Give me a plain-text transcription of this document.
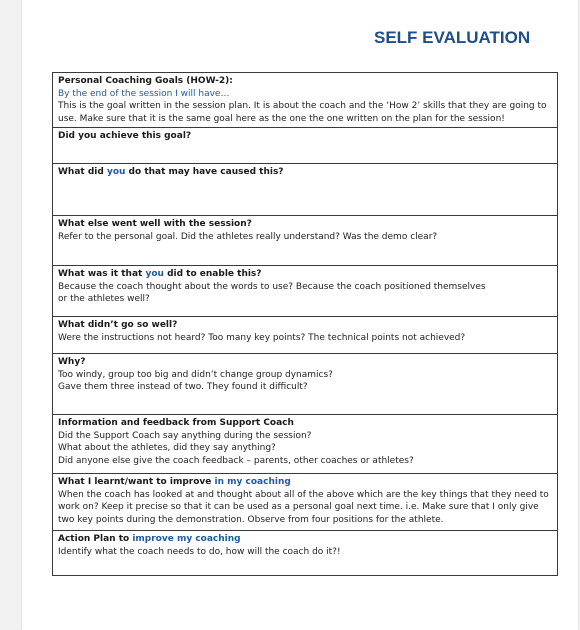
SELF EVALUATION
Personal Coaching Goals (HOW-2):
By the end of the session I will have…
This is the goal written in the session plan. It is about the coach and the ‘How 2’ skills that they are going to use. Make sure that it is the same goal here as the one the one written on the plan for the session!

Did you achieve this goal?

What did you do that may have caused this?

What else went well with the session?
Refer to the personal goal. Did the athletes really understand? Was the demo clear?

What was it that you did to enable this?
Because the coach thought about the words to use? Because the coach positioned themselves
or the athletes well?

What didn’t go so well?
Were the instructions not heard? Too many key points? The technical points not achieved?

Why?
Too windy, group too big and didn’t change group dynamics?
Gave them three instead of two. They found it difficult?

Information and feedback from Support Coach
Did the Support Coach say anything during the session?
What about the athletes, did they say anything?
Did anyone else give the coach feedback – parents, other coaches or athletes?

What I learnt/want to improve in my coaching
When the coach has looked at and thought about all of the above which are the key things that they need to work on? Keep it precise so that it can be used as a personal goal next time. i.e. Make sure that I only give two key points during the demonstration. Observe from four positions for the athlete.

Action Plan to improve my coaching
Identify what the coach needs to do, how will the coach do it?!
